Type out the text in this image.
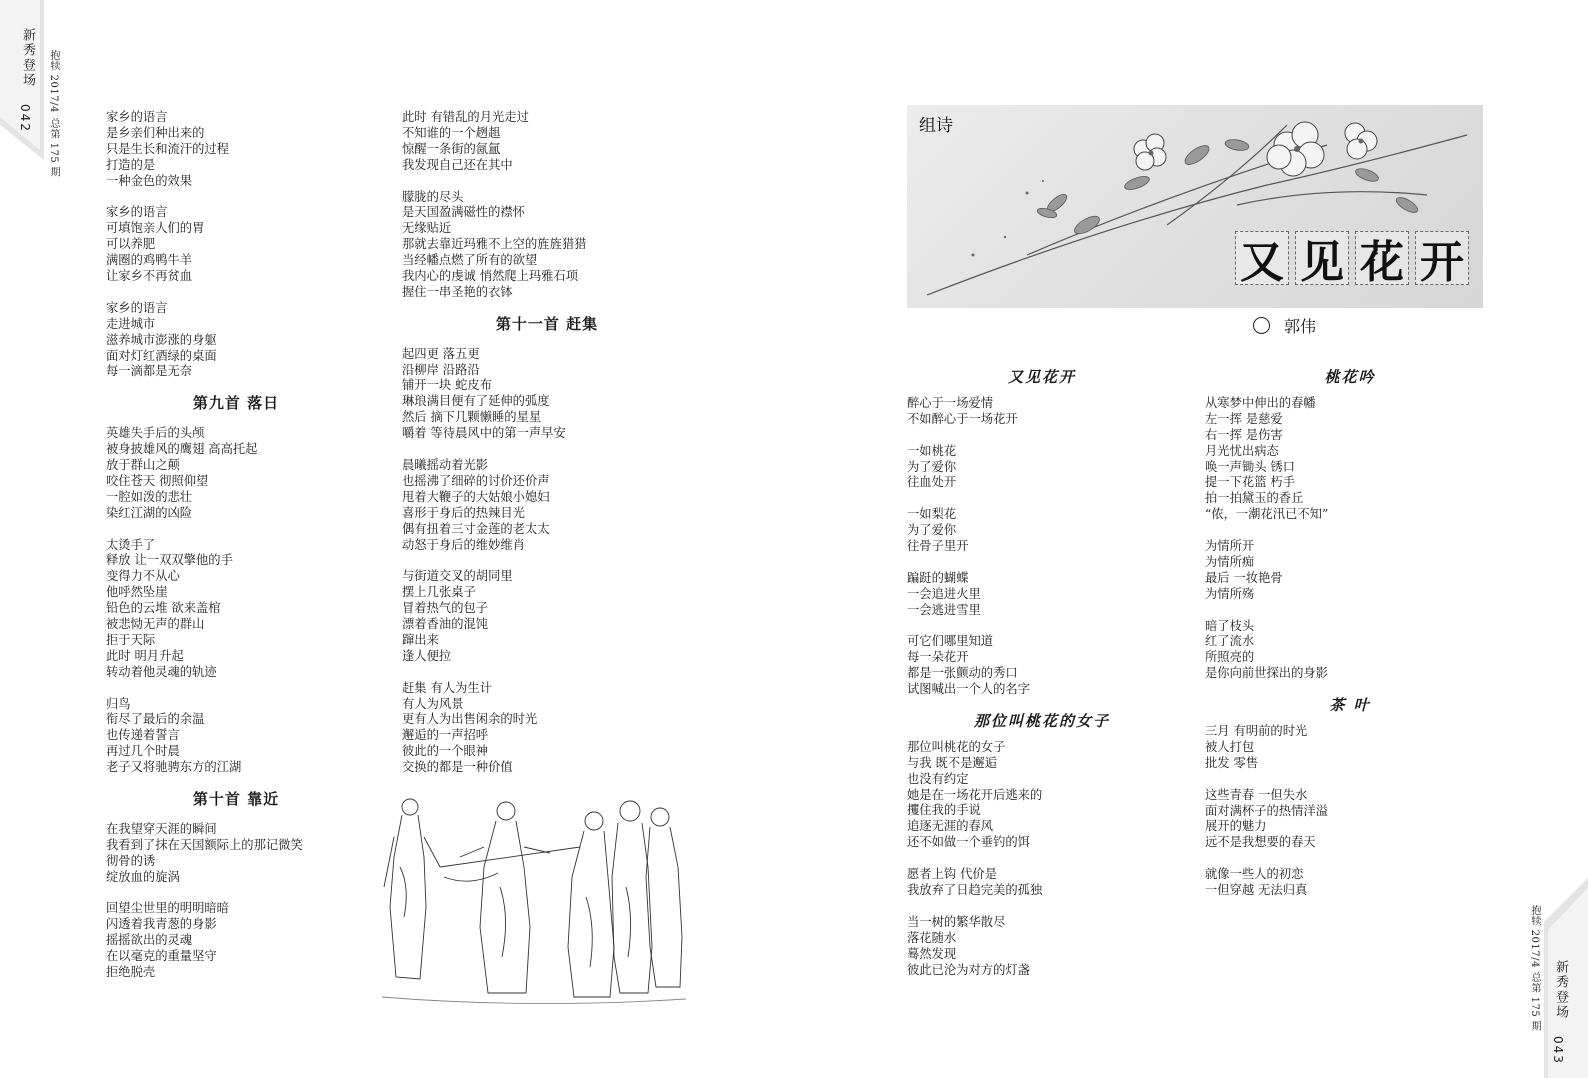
新秀登场
042
抱犊 2017/4
总第 175 期
抱犊 2017/4
总第 175 期 新秀登场
043

家乡的语言
是乡亲们种出来的
只是生长和流汗的过程
打造的是
一种金色的效果

家乡的语言
可填饱亲人们的胃
可以养肥
满圈的鸡鸭牛羊
让家乡不再贫血

家乡的语言
走进城市
滋养城市澎涨的身躯
面对灯红酒绿的桌面
每一滴都是无奈

第九首 落日

英雄失手后的头颅
被身披雄风的鹰翅 高高托起
放于群山之颠
咬住苍天 彻照仰望
一腔如泼的悲壮
染红江湖的凶险

太烫手了
释放 让一双双擎他的手
变得力不从心
他呼然坠崖
铅色的云堆 欲来盖棺
被悲恸无声的群山
拒于天际
此时 明月升起
转动着他灵魂的轨迹

归鸟
衔尽了最后的余温
也传递着誓言
再过几个时晨
老子又将驰骋东方的江湖

第十首 靠近

在我望穿天涯的瞬间
我看到了抹在天国额际上的那记微笑
彻骨的诱
绽放血的旋涡

回望尘世里的明明暗暗
闪透着我青葱的身影
摇摇欲出的灵魂
在以毫克的重量坚守
拒绝脱壳

此时 有错乱的月光走过
不知谁的一个趔趄
惊醒一条街的氤氲
我发现自己还在其中

朦胧的尽头
是天国盈满磁性的襟怀
无缘贴近
那就去靠近玛雅不上空的旌旌猎猎
当经幡点燃了所有的欲望
我内心的虔诚 悄然爬上玛雅石项
握住一串圣艳的衣钵

第十一首 赶集

起四更 落五更
沿柳岸 沿路沿
铺开一块 蛇皮布
琳琅满目便有了延伸的弧度
然后 摘下几颗懒睡的星星
嚼着 等待晨风中的第一声早安

晨曦摇动着光影
也摇沸了细碎的讨价还价声
甩着大鞭子的大姑娘小媳妇
喜形于身后的热辣目光
偶有扭着三寸金莲的老太太
动怒于身后的维妙维肖

与街道交叉的胡同里
摆上几张桌子
冒着热气的包子
漂着香油的混饨
蹿出来
逢人便拉

赶集 有人为生计
有人为风景
更有人为出售闲余的时光
邂逅的一声招呼
彼此的一个眼神
交换的都是一种价值

组诗
又 见 花 开
郭伟
又见花开

醉心于一场爱情
不如醉心于一场花开

一如桃花
为了爱你
往血处开

一如梨花
为了爱你
往骨子里开

蹁跹的蝴蝶
一会追进火里
一会逃进雪里

可它们哪里知道
每一朵花开
都是一张颤动的秀口
试图喊出一个人的名字

那位叫桃花的女子

那位叫桃花的女子
与我 既不是邂逅
也没有约定
她是在一场花开后逃来的
攫住我的手说
追逐无涯的春风
还不如做一个垂钓的饵

愿者上钩 代价是
我放弃了日趋完美的孤独

当一树的繁华散尽
落花随水
蓦然发现
彼此已沦为对方的灯盏

桃花吟

从寒梦中伸出的春幡
左一挥 是慈爱
右一挥 是伤害
月光忧出病态
唤一声锄头 锈口
提一下花篮 朽手
拍一拍黛玉的香丘
“侬，一潮花汛已不知”

为情所开
为情所痴
最后 一妆艳骨
为情所殇

暗了枝头
红了流水
所照亮的
是你向前世探出的身影

茶 叶

三月 有明前的时光
被人打包
批发 零售

这些青春 一但失水
面对满杯子的热情洋溢
展开的魅力
远不是我想要的春天

就像一些人的初恋
一但穿越 无法归真
